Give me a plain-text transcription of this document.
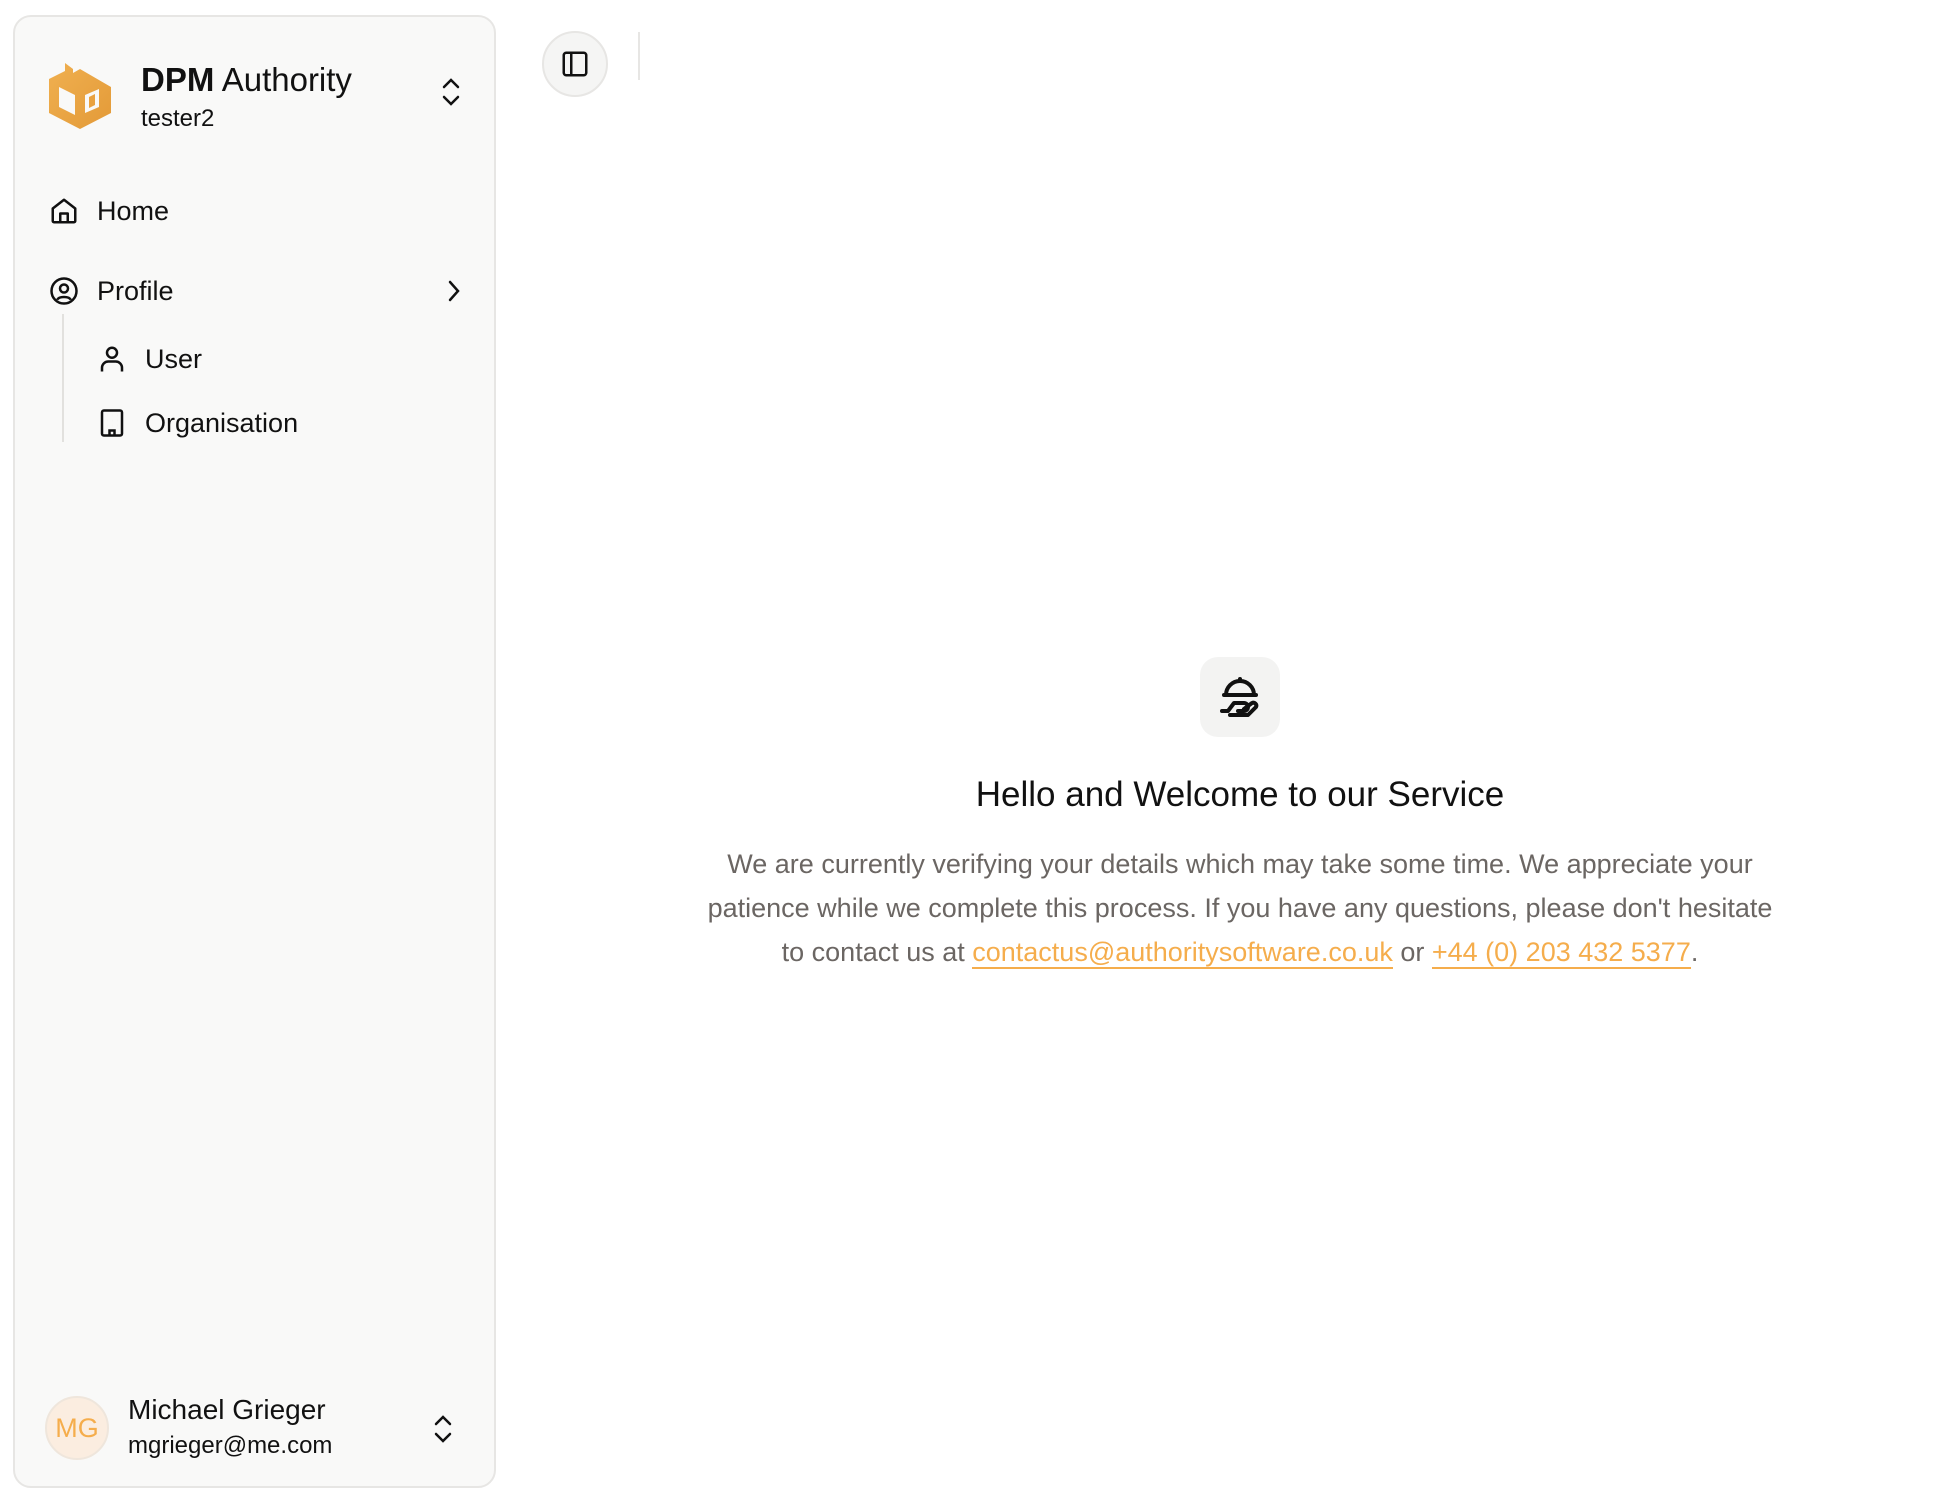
DPM Authority
tester2
Home
Profile
User
Organisation
MG
Michael Grieger
mgrieger@me.com
Hello and Welcome to our Service

We are currently verifying your details which may take some time. We appreciate your patience while we complete this process. If you have any questions, please don't hesitate to contact us at contactus@authoritysoftware.co.uk or +44 (0) 203 432 5377.
